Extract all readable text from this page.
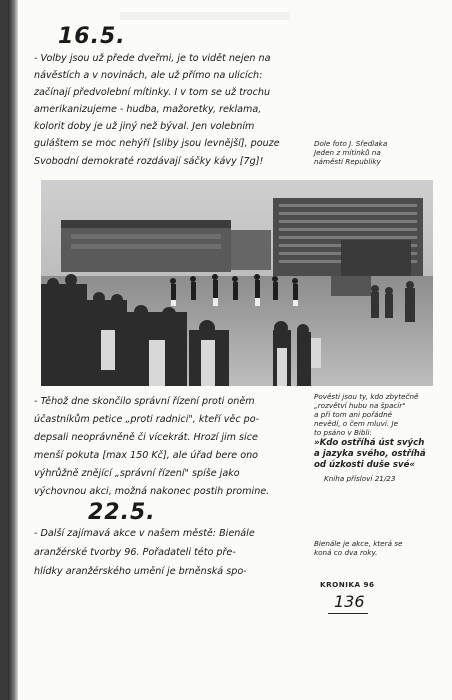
16.5.
- Volby jsou už přede dveřmi, je to vidět nejen na
návěstích a v novinách, ale už přímo na ulicích:
začínají předvolební mítinky. I v tom se už trochu
amerikanizujeme - hudba, mažoretky, reklama,
kolorit doby je už jiný než býval. Jen volebním
guláštem se moc nehýří [sliby jsou levnější], pouze
Svobodní demokraté rozdávají sáčky kávy [7g]!
Dole foto J. Sředlaka
Jeden z mítinků na
náměstí Republiky
- Těhož dne skončilo správní řízení proti oněm
účastníkům petice „proti radnici", kteří věc po-
depsali neoprávněně či vícekrát. Hrozí jim sice
menší pokuta [max 150 Kč], ale úřad bere ono
výhrůžně znějící „správní řízení" spíše jako
výchovnou akci, možná nakonec postih promine.
22.5.
- Další zajímavá akce v našem městě: Bienále
aranžérské tvorby 96. Pořadateli této pře-
hlídky aranžérského umění je brněnská spo-
Pověsti jsou ty, kdo zbytečně
„rozvětví hubu na špacír"
a při tom ani pořádné
nevědí, o čem mluví. Je
to psáno v Bibli:
»Kdo ostříhá úst svých
a jazyka svého, ostříhá
od úzkosti duše své«
Kniha přísloví 21/23
Bienále je akce, která se
koná co dva roky.
KRONIKA 96
136
